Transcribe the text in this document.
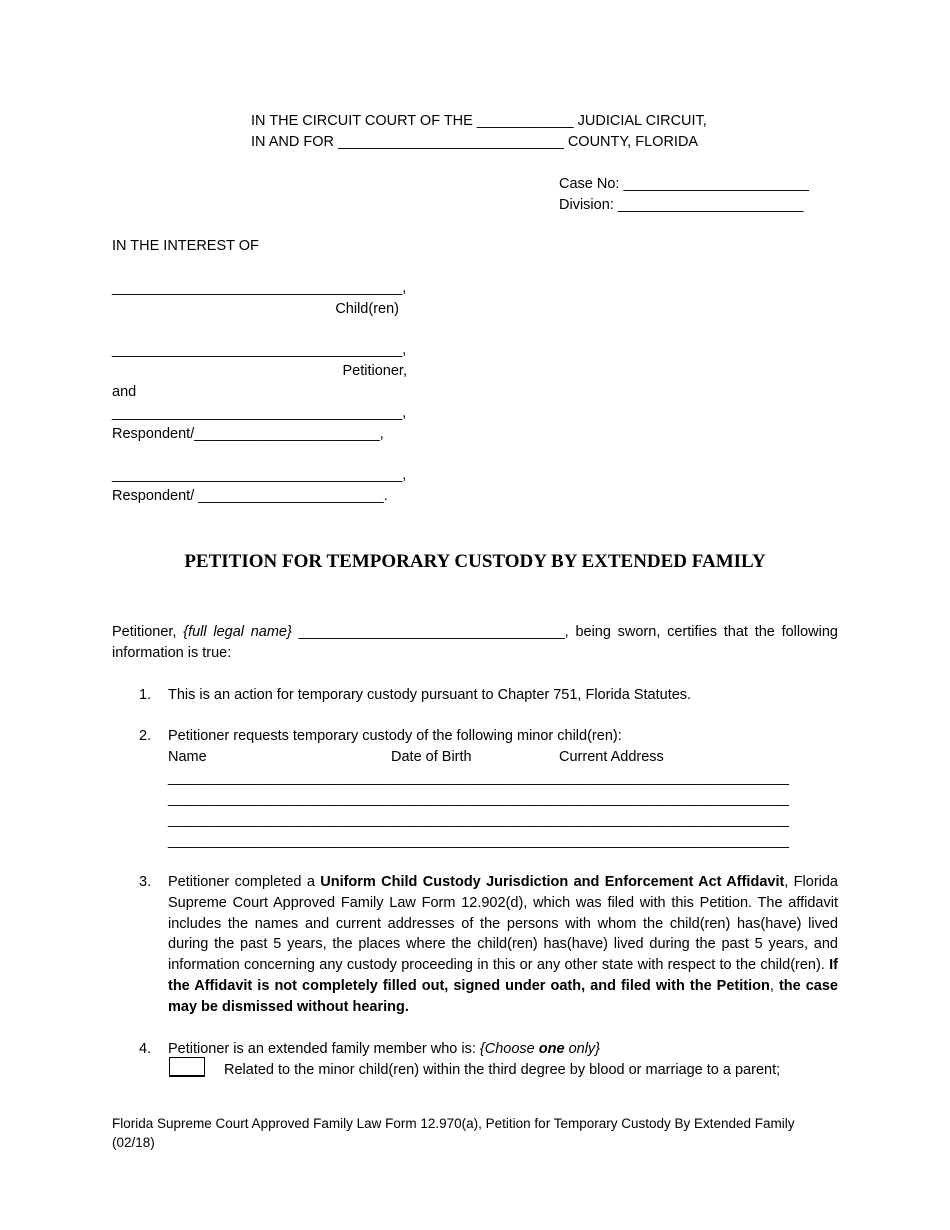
IN THE CIRCUIT COURT OF THE ____________ JUDICIAL CIRCUIT,
IN AND FOR ____________________________ COUNTY, FLORIDA
Case No: _______________________
Division: _______________________
IN THE INTEREST OF
____________________________________,
Child(ren)
____________________________________,
Petitioner,
and
____________________________________,
Respondent/_______________________,
____________________________________,
Respondent/ _______________________.
PETITION FOR TEMPORARY CUSTODY BY EXTENDED FAMILY
Petitioner, {full legal name} _________________________________, being sworn, certifies that the following information is true:
1. This is an action for temporary custody pursuant to Chapter 751, Florida Statutes.
2. Petitioner requests temporary custody of the following minor child(ren):
Name	Date of Birth	Current Address
_____________________________________________________________________________
_____________________________________________________________________________
_____________________________________________________________________________
_____________________________________________________________________________
3. Petitioner completed a Uniform Child Custody Jurisdiction and Enforcement Act Affidavit, Florida Supreme Court Approved Family Law Form 12.902(d), which was filed with this Petition. The affidavit includes the names and current addresses of the persons with whom the child(ren) has(have) lived during the past 5 years, the places where the child(ren) has(have) lived during the past 5 years, and information concerning any custody proceeding in this or any other state with respect to the child(ren). If the Affidavit is not completely filled out, signed under oath, and filed with the Petition, the case may be dismissed without hearing.
4. Petitioner is an extended family member who is: {Choose one only}
Related to the minor child(ren) within the third degree by blood or marriage to a parent;
Florida Supreme Court Approved Family Law Form 12.970(a), Petition for Temporary Custody By Extended Family
(02/18)
